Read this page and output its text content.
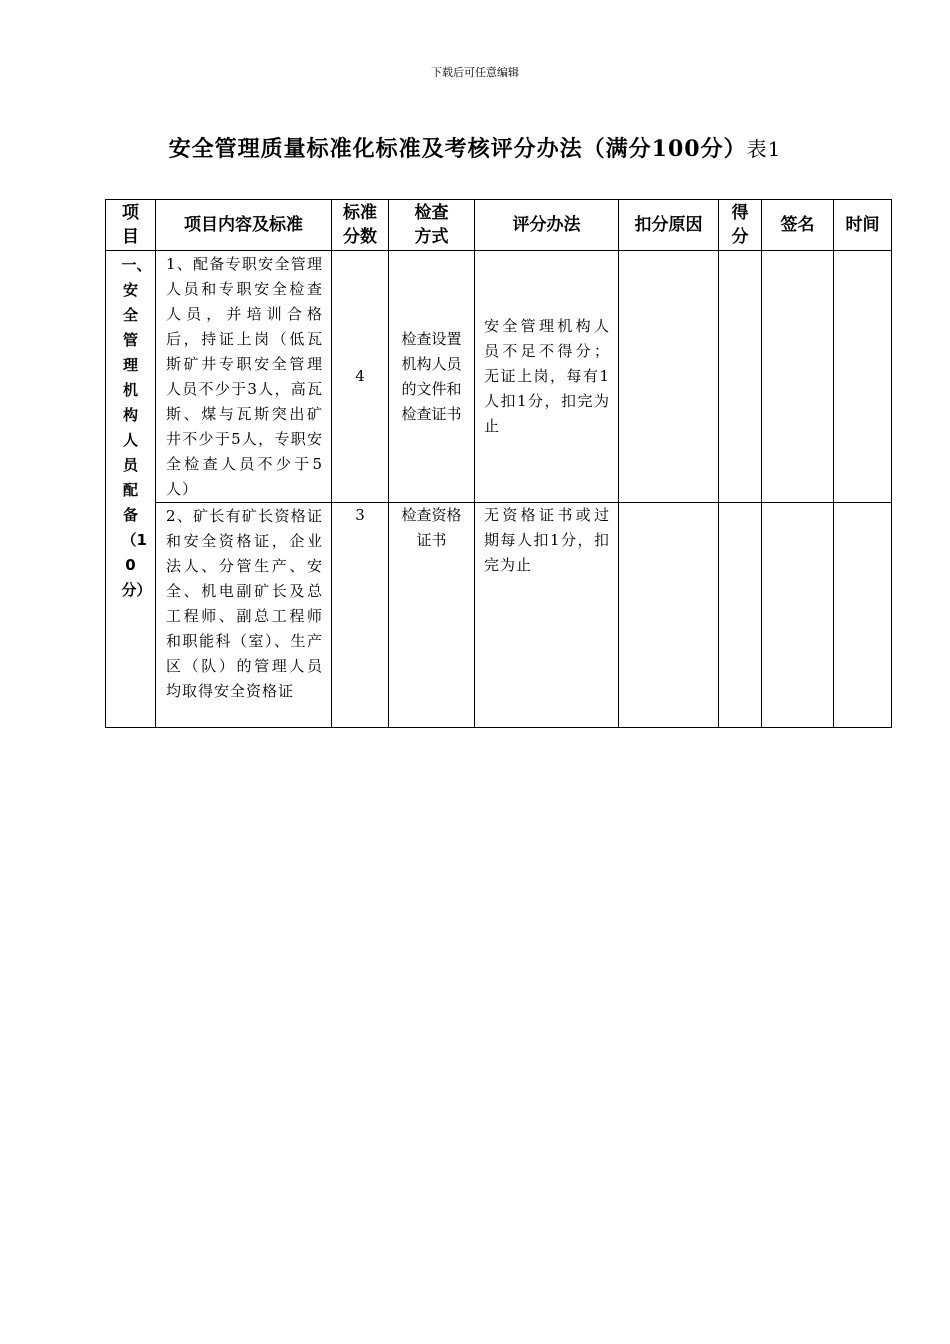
下载后可任意编辑
安全管理质量标准化标准及考核评分办法（满分100分）表1
项目	项目内容及标准	标准分数	检查方式	评分办法	扣分原因	得分	签名	时间

一、安全管理机构人员配备（10分）	1、配备专职安全管理人员和专职安全检查人员，并培训合格后，持证上岗（低瓦斯矿井专职安全管理人员不少于3人，高瓦斯、煤与瓦斯突出矿井不少于5人，专职安全检查人员不少于5人）	4	检查设置机构人员的文件和检查证书	安全管理机构人员不足不得分；无证上岗，每有1人扣1分，扣完为止				
	2、矿长有矿长资格证和安全资格证，企业法人、分管生产、安全、机电副矿长及总工程师、副总工程师和职能科（室）、生产区（队）的管理人员均取得安全资格证	3	检查资格证书	无资格证书或过期每人扣1分，扣完为止				
